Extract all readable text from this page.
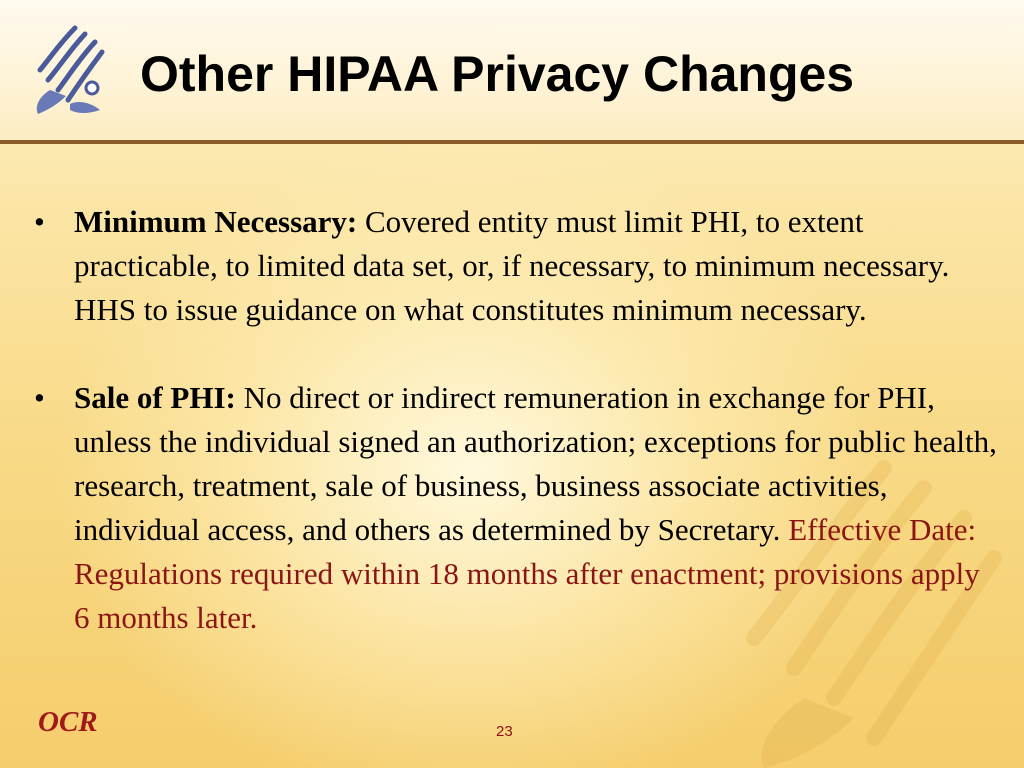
Other HIPAA Privacy Changes
• Minimum Necessary: Covered entity must limit PHI, to extent practicable, to limited data set, or, if necessary, to minimum necessary. HHS to issue guidance on what constitutes minimum necessary.
• Sale of PHI: No direct or indirect remuneration in exchange for PHI, unless the individual signed an authorization; exceptions for public health, research, treatment, sale of business, business associate activities, individual access, and others as determined by Secretary. Effective Date: Regulations required within 18 months after enactment; provisions apply 6 months later.
OCR	23
